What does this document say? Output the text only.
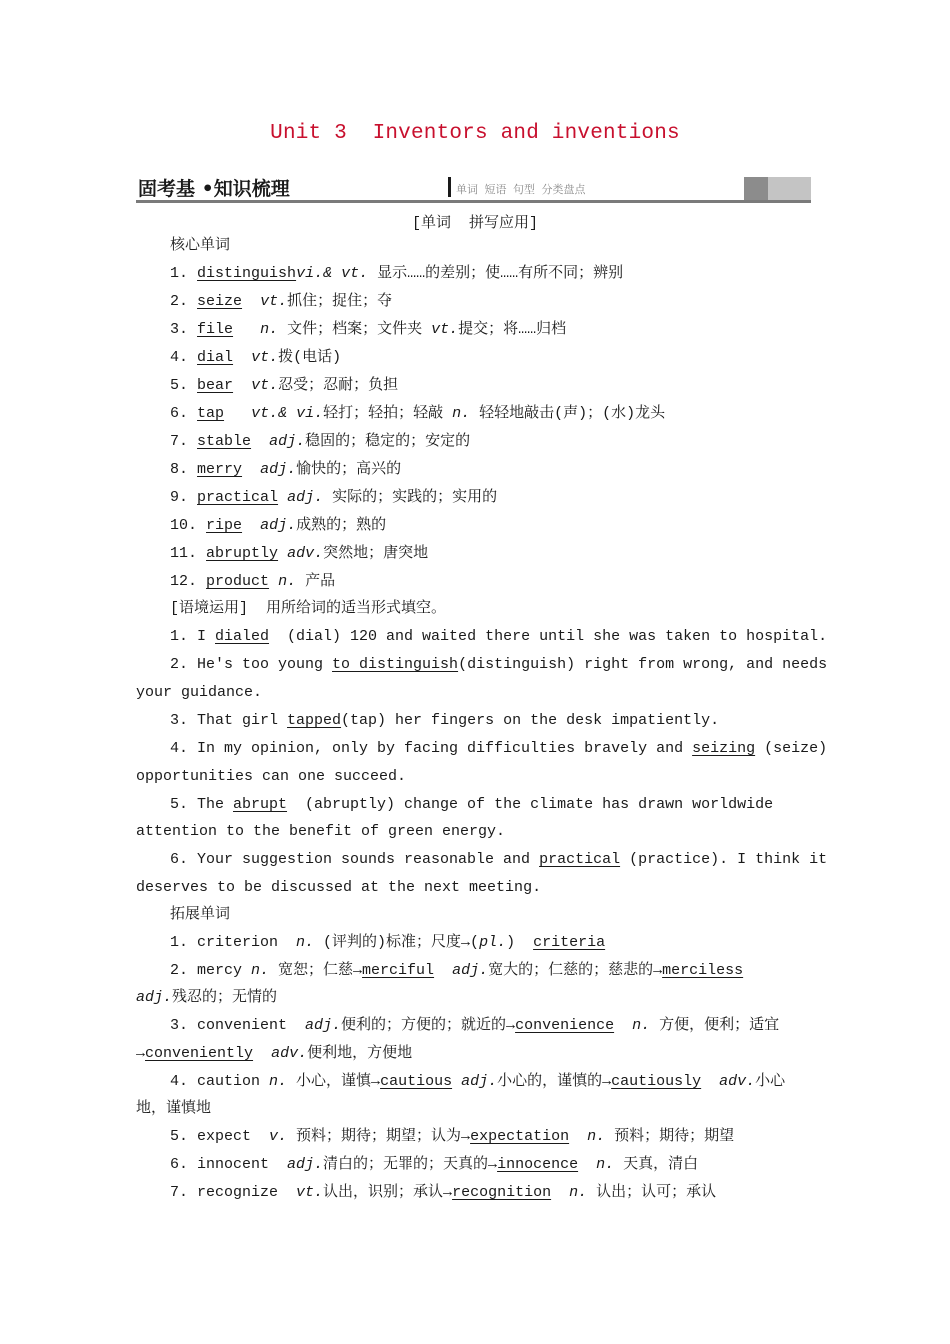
Unit 3  Inventors and inventions
固考基 •知识梳理	单词 短语 句型 分类盘点
[单词  拼写应用]
核心单词
1. distinguishvi.& vt. 显示……的差别；使……有所不同；辨别
2. seize vt.抓住；捉住；夺
3. file n. 文件；档案；文件夹 vt.提交；将……归档
4. dial vt.拨(电话)
5. bear vt.忍受；忍耐；负担
6. tap vt.& vi.轻打；轻拍；轻敲 n. 轻轻地敲击(声)；(水)龙头
7. stable adj.稳固的；稳定的；安定的
8. merry adj.愉快的；高兴的
9. practical adj. 实际的；实践的；实用的
10. ripe adj.成熟的；熟的
11. abruptly adv.突然地；唐突地
12. product n. 产品
[语境运用]  用所给词的适当形式填空。
1. I dialed  (dial) 120 and waited there until she was taken to hospital.
2. He's too young to distinguish(distinguish) right from wrong, and needs
your guidance.
3. That girl tapped(tap) her fingers on the desk impatiently.
4. In my opinion, only by facing difficulties bravely and seizing (seize)
opportunities can one succeed.
5. The abrupt  (abruptly) change of the climate has drawn worldwide
attention to the benefit of green energy.
6. Your suggestion sounds reasonable and practical (practice). I think it
deserves to be discussed at the next meeting.
拓展单词
1. criterion  n. (评判的)标准；尺度→(pl.)  criteria
2. mercy n. 宽恕；仁慈→merciful adj.宽大的；仁慈的；慈悲的→merciless
adj.残忍的；无情的
3. convenient  adj.便利的；方便的；就近的→convenience n. 方便，便利；适宜
→conveniently adv.便利地，方便地
4. caution n. 小心，谨慎→cautious adj.小心的，谨慎的→cautiously adv.小心
地，谨慎地
5. expect  v. 预料；期待；期望；认为→expectation n. 预料；期待；期望
6. innocent  adj.清白的；无罪的；天真的→innocence n. 天真，清白
7. recognize  vt.认出，识别；承认→recognition n. 认出；认可；承认
